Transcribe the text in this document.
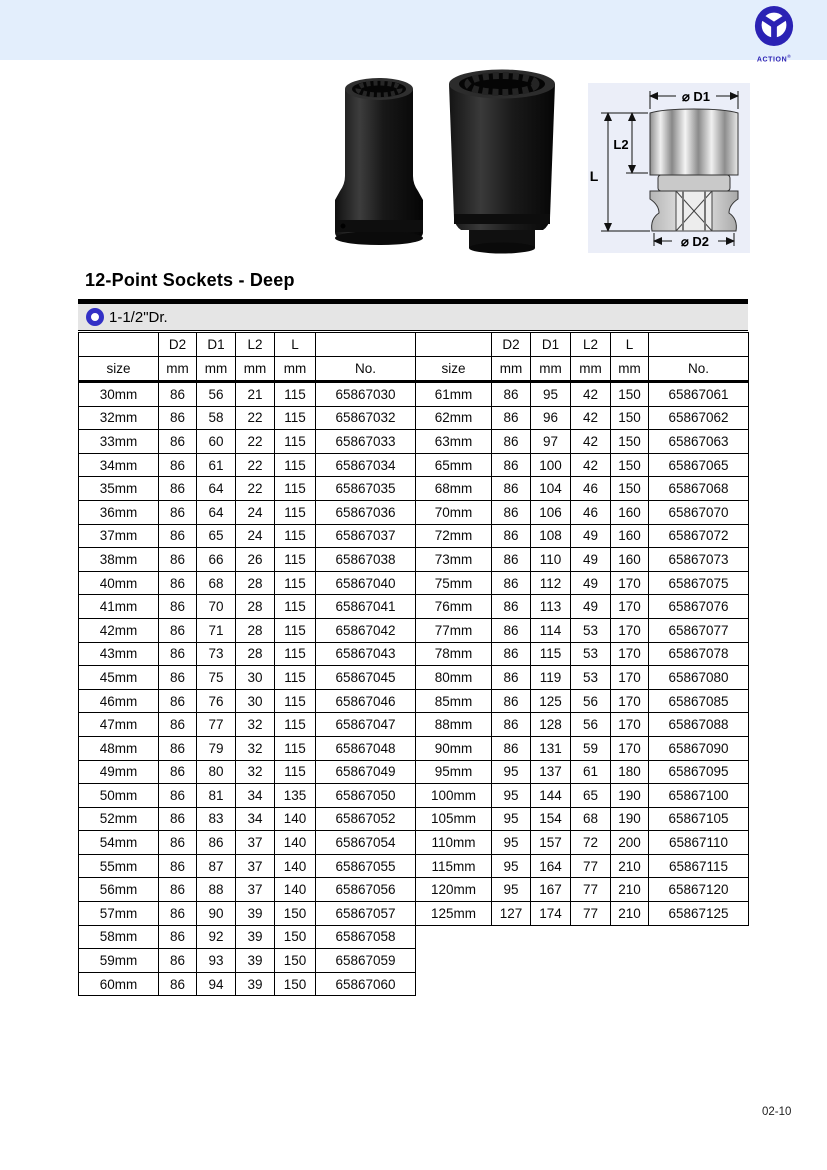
ACTION®
⌀ D1
L
L2
⌀ D2
12-Point Sockets - Deep
1-1/2"Dr.
	D2	D1	L2	L	
size	mm	mm	mm	mm	No.
30mm	86	56	21	115	65867030
32mm	86	58	22	115	65867032
33mm	86	60	22	115	65867033
34mm	86	61	22	115	65867034
35mm	86	64	22	115	65867035
36mm	86	64	24	115	65867036
37mm	86	65	24	115	65867037
38mm	86	66	26	115	65867038
40mm	86	68	28	115	65867040
41mm	86	70	28	115	65867041
42mm	86	71	28	115	65867042
43mm	86	73	28	115	65867043
45mm	86	75	30	115	65867045
46mm	86	76	30	115	65867046
47mm	86	77	32	115	65867047
48mm	86	79	32	115	65867048
49mm	86	80	32	115	65867049
50mm	86	81	34	135	65867050
52mm	86	83	34	140	65867052
54mm	86	86	37	140	65867054
55mm	86	87	37	140	65867055
56mm	86	88	37	140	65867056
57mm	86	90	39	150	65867057
58mm	86	92	39	150	65867058
59mm	86	93	39	150	65867059
60mm	86	94	39	150	65867060
	D2	D1	L2	L	
size	mm	mm	mm	mm	No.
61mm	86	95	42	150	65867061
62mm	86	96	42	150	65867062
63mm	86	97	42	150	65867063
65mm	86	100	42	150	65867065
68mm	86	104	46	150	65867068
70mm	86	106	46	160	65867070
72mm	86	108	49	160	65867072
73mm	86	110	49	160	65867073
75mm	86	112	49	170	65867075
76mm	86	113	49	170	65867076
77mm	86	114	53	170	65867077
78mm	86	115	53	170	65867078
80mm	86	119	53	170	65867080
85mm	86	125	56	170	65867085
88mm	86	128	56	170	65867088
90mm	86	131	59	170	65867090
95mm	95	137	61	180	65867095
100mm	95	144	65	190	65867100
105mm	95	154	68	190	65867105
110mm	95	157	72	200	65867110
115mm	95	164	77	210	65867115
120mm	95	167	77	210	65867120
125mm	127	174	77	210	65867125
02-10
